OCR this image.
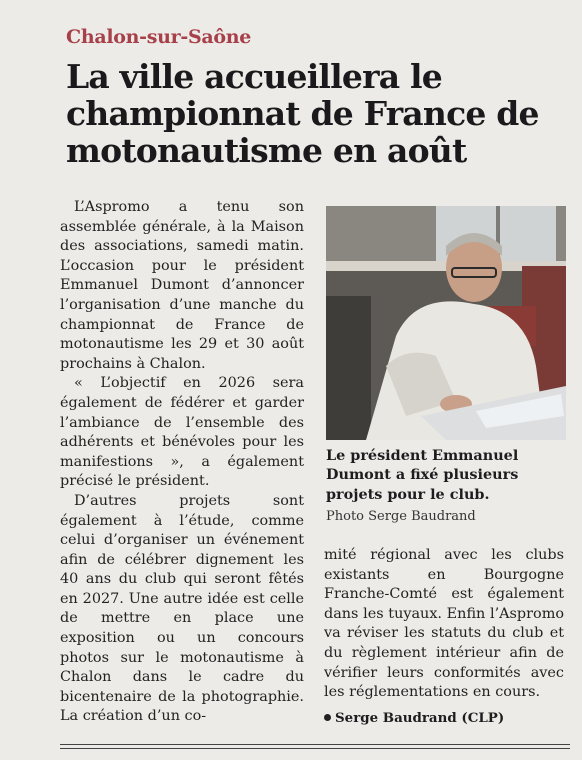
Chalon-sur-Saône
La ville accueillera le championnat de France de motonautisme en août

L’Aspromo a tenu son assemblée générale, à la Maison des associations, samedi matin. L’occasion pour le président Emmanuel Dumont d’annoncer l’organisation d’une manche du championnat de France de motonautisme les 29 et 30 août prochains à Chalon.

« L’objectif en 2026 sera également de fédérer et garder l’ambiance de l’ensemble des adhérents et bénévoles pour les manifestions », a également précisé le président.

D’autres projets sont également à l’étude, comme celui d’organiser un événement afin de célébrer dignement les 40 ans du club qui seront fêtés en 2027. Une autre idée est celle de mettre en place une exposition ou un concours photos sur le motonautisme à Chalon dans le cadre du bicentenaire de la photographie. La création d’un co-

Le président Emmanuel Dumont a fixé plusieurs projets pour le club.
Photo Serge Baudrand

mité régional avec les clubs existants en Bourgogne Franche-Comté est également dans les tuyaux. Enfin l’Aspromo va réviser les statuts du club et du règlement intérieur afin de vérifier leurs conformités avec les réglementations en cours.

Serge Baudrand (CLP)
